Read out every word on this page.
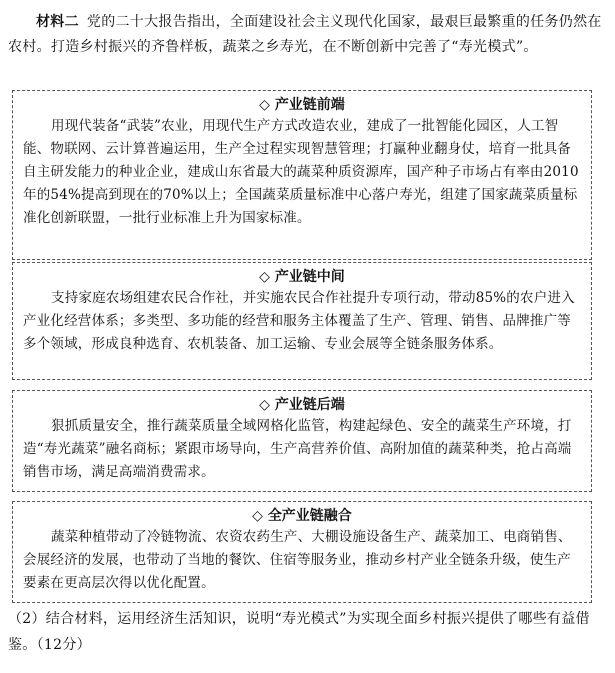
材料二 党的二十大报告指出，全面建设社会主义现代化国家，最艰巨最繁重的任务仍然在农村。打造乡村振兴的齐鲁样板，蔬菜之乡寿光，在不断创新中完善了“寿光模式”。
◇ 产业链前端
用现代装备“武装”农业，用现代生产方式改造农业，建成了一批智能化园区，人工智能、物联网、云计算普遍运用，生产全过程实现智慧管理；打赢种业翻身仗，培育一批具备自主研发能力的种业企业，建成山东省最大的蔬菜种质资源库，国产种子市场占有率由2010年的54%提高到现在的70%以上；全国蔬菜质量标准中心落户寿光，组建了国家蔬菜质量标准化创新联盟，一批行业标准上升为国家标准。
◇ 产业链中间
支持家庭农场组建农民合作社，并实施农民合作社提升专项行动，带动85%的农户进入产业化经营体系；多类型、多功能的经营和服务主体覆盖了生产、管理、销售、品牌推广等多个领域，形成良种选育、农机装备、加工运输、专业会展等全链条服务体系。
◇ 产业链后端
狠抓质量安全，推行蔬菜质量全域网格化监管，构建起绿色、安全的蔬菜生产环境，打造“寿光蔬菜”融名商标；紧跟市场导向，生产高营养价值、高附加值的蔬菜种类，抢占高端销售市场，满足高端消费需求。
◇ 全产业链融合
蔬菜种植带动了冷链物流、农资农药生产、大棚设施设备生产、蔬菜加工、电商销售、会展经济的发展，也带动了当地的餐饮、住宿等服务业，推动乡村产业全链条升级，使生产要素在更高层次得以优化配置。
（2）结合材料，运用经济生活知识，说明“寿光模式”为实现全面乡村振兴提供了哪些有益借鉴。（12分）
